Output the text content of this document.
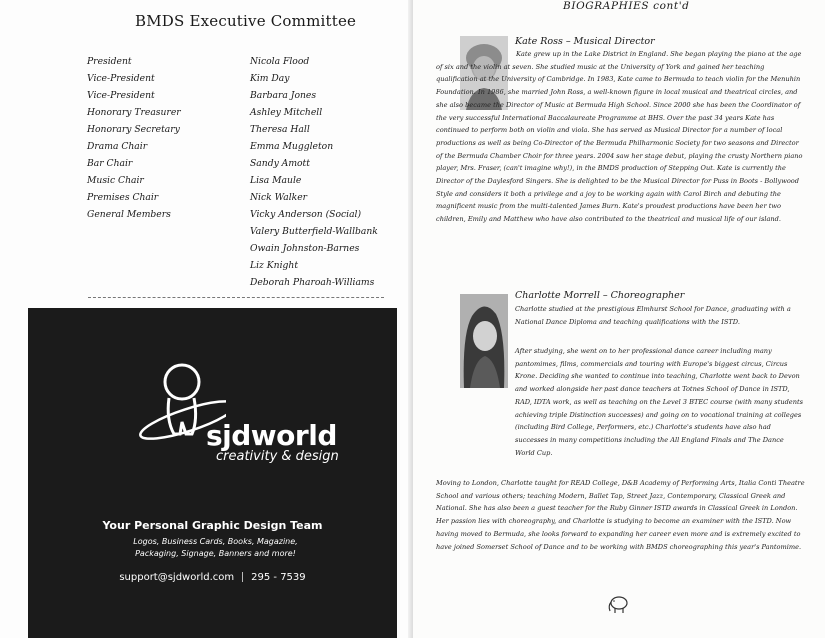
BMDS Executive Committee
President
Vice-President
Vice-President
Honorary Treasurer
Honorary Secretary
Drama Chair
Bar Chair
Music Chair
Premises Chair
General Members
Nicola Flood
Kim Day
Barbara Jones
Ashley Mitchell
Theresa Hall
Emma Muggleton
Sandy Amott
Lisa Maule
Nick Walker
Vicky Anderson (Social)
Valery Butterfield-Wallbank
Owain Johnston-Barnes
Liz Knight
Deborah Pharoah-Williams
sjdworld
creativity & design
Your Personal Graphic Design Team
Logos, Business Cards, Books, Magazine,
Packaging, Signage, Banners and more!
support@sjdworld.com 295 - 7539
BIOGRAPHIES cont'd
Kate Ross – Musical Director
Kate grew up in the Lake District in England. She began playing the piano at the age of six and the violin at seven. She studied music at the University of York and gained her teaching qualification at the University of Cambridge. In 1983, Kate came to Bermuda to teach violin for the Menuhin Foundation. In 1986, she married John Ross, a well-known figure in local musical and theatrical circles, and she also became the Director of Music at Bermuda High School. Since 2000 she has been the Coordinator of the very successful International Baccalaureate Programme at BHS. Over the past 34 years Kate has continued to perform both on violin and viola. She has served as Musical Director for a number of local productions as well as being Co-Director of the Bermuda Philharmonic Society for two seasons and Director of the Bermuda Chamber Choir for three years. 2004 saw her stage debut, playing the crusty Northern piano player, Mrs. Fraser, (can't imagine why!), in the BMDS production of Stepping Out. Kate is currently the Director of the Daylesford Singers. She is delighted to be the Musical Director for Puss in Boots - Bollywood Style and considers it both a privilege and a joy to be working again with Carol Birch and debuting the magnificent music from the multi-talented James Burn. Kate's proudest productions have been her two children, Emily and Matthew who have also contributed to the theatrical and musical life of our island.
Charlotte Morrell – Choreographer
Charlotte studied at the prestigious Elmhurst School for Dance, graduating with a National Dance Diploma and teaching qualifications with the ISTD.
After studying, she went on to her professional dance career including many pantomimes, films, commercials and touring with Europe's biggest circus, Circus Krone. Deciding she wanted to continue into teaching, Charlotte went back to Devon and worked alongside her past dance teachers at Totnes School of Dance in ISTD, RAD, IDTA work, as well as teaching on the Level 3 BTEC course (with many students achieving triple Distinction successes) and going on to vocational training at colleges (including Bird College, Performers, etc.) Charlotte's students have also had successes in many competitions including the All England Finals and The Dance World Cup.
Moving to London, Charlotte taught for READ College, D&B Academy of Performing Arts, Italia Conti Theatre School and various others; teaching Modern, Ballet Tap, Street Jazz, Contemporary, Classical Greek and National. She has also been a guest teacher for the Ruby Ginner ISTD awards in Classical Greek in London. Her passion lies with choreography, and Charlotte is studying to become an examiner with the ISTD. Now having moved to Bermuda, she looks forward to expanding her career even more and is extremely excited to have joined Somerset School of Dance and to be working with BMDS choreographing this year's Pantomime.
